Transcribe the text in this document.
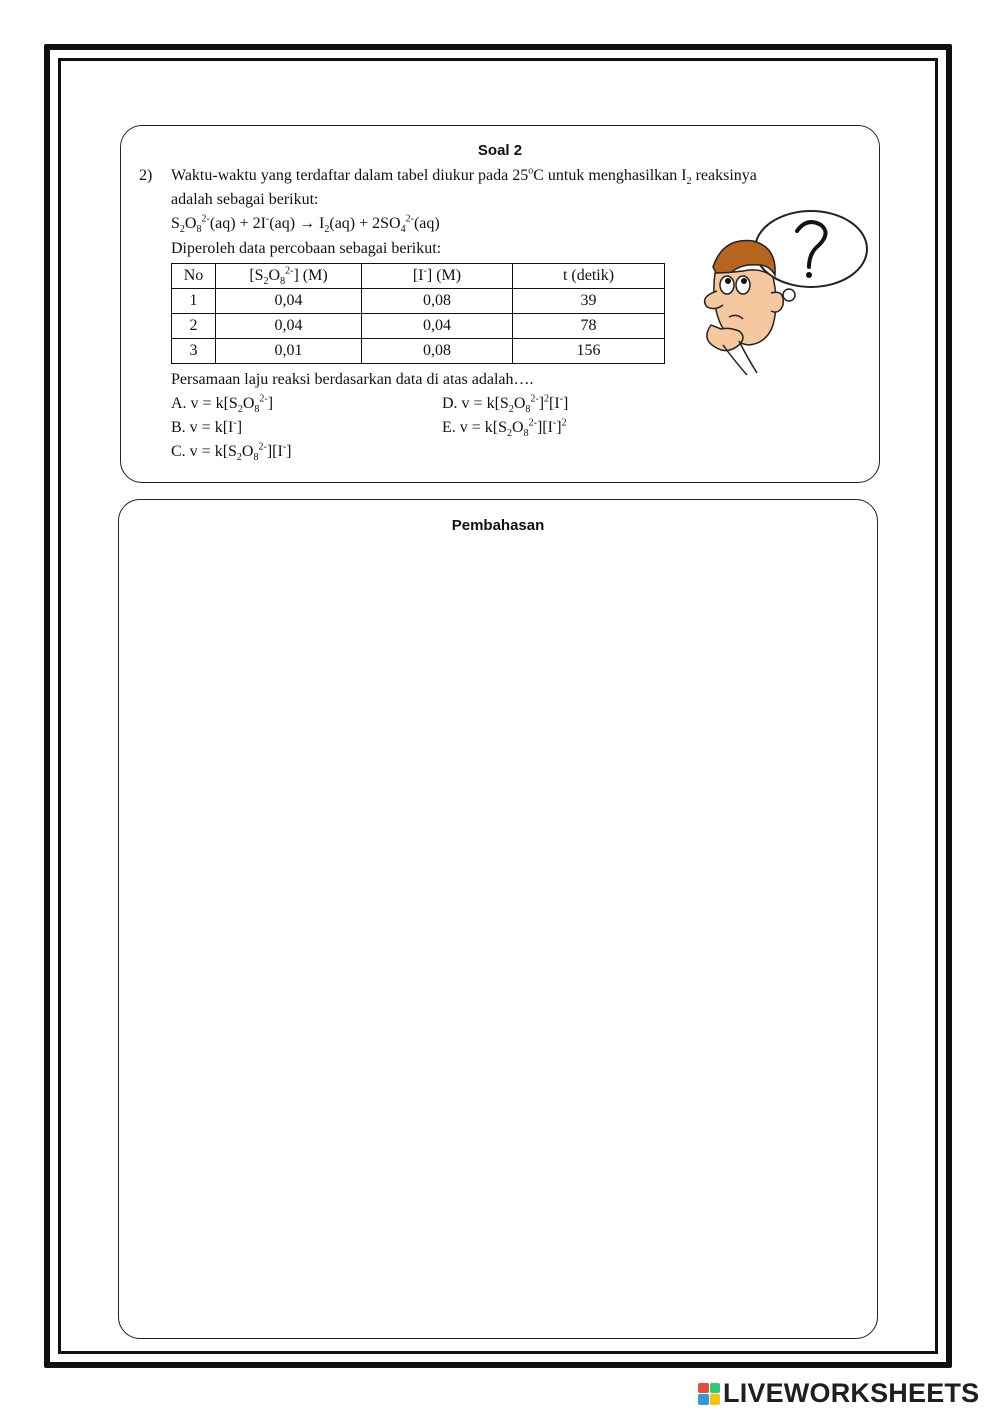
Soal 2
2) Waktu-waktu yang terdaftar dalam tabel diukur pada 25$^o$C untuk menghasilkan $I_2$ reaksinya
adalah sebagai berikut:
$S_2O_8^{2-}(aq) + 2I^-(aq) \to I_2(aq) + 2SO_4^{2-}(aq)$
Diperoleh data percobaan sebagai berikut:
No	$[S_2O_8^{2-}]$ (M)	[I-] (M)	t (detik)
1	0,04	0,08	39
2	0,04	0,04	78
3	0,01	0,08	156
Persamaan laju reaksi berdasarkan data di atas adalah….
A. $v = k[S_2O_8^{2-}]$
B. v = k[I-]
C. $v = k[S_2O_8^{2-}][I^-]$
D. $v = k[S_2O_8^{2-}]^2[I^-]$
E. $v = k[S_2O_8^{2-}][I^-]^2$
Pembahasan
LIVEWORKSHEETS
